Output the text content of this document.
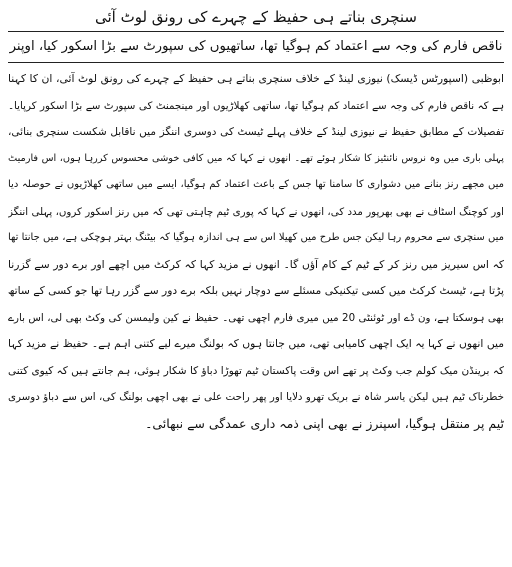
سنچری بناتے ہی حفیظ کے چہرے کی رونق لوٹ آئی
ناقص فارم کی وجہ سے اعتماد کم ہوگیا تھا، ساتھیوں کی سپورٹ سے بڑا اسکور کیا، اوپنر
ابوظبی (اسپورٹس ڈیسک) نیوزی لینڈ کے خلاف سنچری بناتے ہی حفیظ کے چہرے کی رونق لوٹ آئی، ان کا کہنا
ہے کہ ناقص فارم کی وجہ سے اعتماد کم ہوگیا تھا، ساتھی کھلاڑیوں اور مینجمنٹ کی سپورٹ سے بڑا اسکور کرپایا۔
تفصیلات کے مطابق حفیظ نے نیوزی لینڈ کے خلاف پہلے ٹیسٹ کی دوسری اننگز میں ناقابل شکست سنچری بنائی،
پہلی باری میں وہ نروس نائنٹیز کا شکار ہوئے تھے۔ انھوں نے کہا کہ میں کافی خوشی محسوس کررہا ہوں، اس فارمیٹ
میں مجھے رنز بنانے میں دشواری کا سامنا تھا جس کے باعث اعتماد کم ہوگیا، ایسے میں ساتھی کھلاڑیوں نے حوصلہ دیا
اور کوچنگ اسٹاف نے بھی بھرپور مدد کی، انھوں نے کہا کہ پوری ٹیم چاہتی تھی کہ میں رنز اسکور کروں، پہلی اننگز
میں سنچری سے محروم رہا لیکن جس طرح میں کھیلا اس سے ہی اندازہ ہوگیا کہ بیٹنگ بہتر ہوچکی ہے، میں جانتا تھا
کہ اس سیریز میں رنز کر کے ٹیم کے کام آؤں گا۔ انھوں نے مزید کہا کہ کرکٹ میں اچھے اور برے دور سے گزرنا
پڑتا ہے، ٹیسٹ کرکٹ میں کسی تیکنیکی مسئلے سے دوچار نہیں بلکہ برے دور سے گزر رہا تھا جو کسی کے ساتھ
بھی ہوسکتا ہے، ون ڈے اور ٹوئنٹی 20 میں میری فارم اچھی تھی۔ حفیظ نے کین ولیمسن کی وکٹ بھی لی، اس بارے
میں انھوں نے کہا یہ ایک اچھی کامیابی تھی، میں جانتا ہوں کہ بولنگ میرے لیے کتنی اہم ہے۔ حفیظ نے مزید کہا
کہ برینڈن میک کولم جب وکٹ پر تھے اس وقت پاکستان ٹیم تھوڑا دباؤ کا شکار ہوئی، ہم جانتے ہیں کہ کیوی کتنی
خطرناک ٹیم ہیں لیکن یاسر شاہ نے بریک تھرو دلایا اور پھر راحت علی نے بھی اچھی بولنگ کی، اس سے دباؤ دوسری
ٹیم پر منتقل ہوگیا، اسپنرز نے بھی اپنی ذمہ داری عمدگی سے نبھائی۔
